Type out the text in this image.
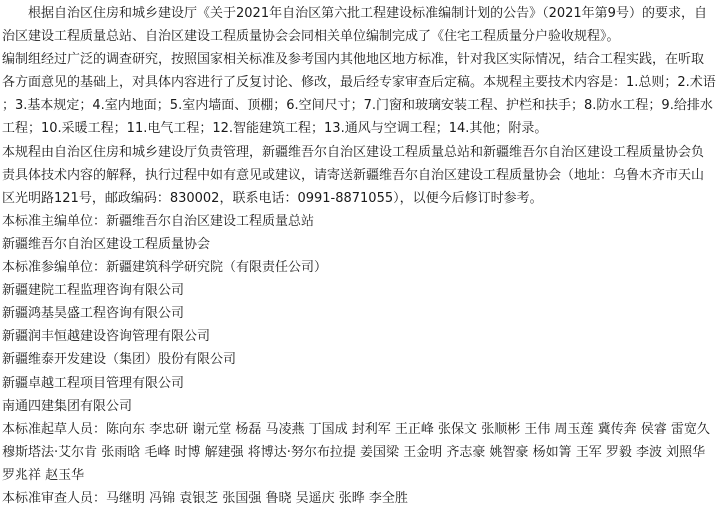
根据自治区住房和城乡建设厅《关于2021年自治区第六批工程建设标准编制计划的公告》（2021年第9号）的要求，自治区建设工程质量总站、自治区建设工程质量协会会同相关单位编制完成了《住宅工程质量分户验收规程》。

编制组经过广泛的调查研究，按照国家相关标准及参考国内其他地区地方标准，针对我区实际情况，结合工程实践，在听取各方面意见的基础上，对具体内容进行了反复讨论、修改，最后经专家审查后定稿。本规程主要技术内容是：1.总则；2.术语；3.基本规定；4.室内地面；5.室内墙面、顶棚；6.空间尺寸；7.门窗和玻璃安装工程、护栏和扶手；8.防水工程；9.给排水工程；10.采暖工程；11.电气工程；12.智能建筑工程；13.通风与空调工程；14.其他；附录。

本规程由自治区住房和城乡建设厅负责管理，新疆维吾尔自治区建设工程质量总站和新疆维吾尔自治区建设工程质量协会负责具体技术内容的解释，执行过程中如有意见或建议，请寄送新疆维吾尔自治区建设工程质量协会（地址：乌鲁木齐市天山区光明路121号，邮政编码：830002，联系电话：0991-8871055），以便今后修订时参考。

本标准主编单位：新疆维吾尔自治区建设工程质量总站

新疆维吾尔自治区建设工程质量协会

本标准参编单位：新疆建筑科学研究院（有限责任公司）

新疆建院工程监理咨询有限公司

新疆鸿基昊盛工程咨询有限公司

新疆润丰恒越建设咨询管理有限公司

新疆维泰开发建设（集团）股份有限公司

新疆卓越工程项目管理有限公司

南通四建集团有限公司

本标准起草人员：陈向东 李忠研 谢元堂 杨磊 马凌燕 丁国成 封利军 王正峰 张保文 张顺彬 王伟 周玉莲 冀传奔 侯睿 雷宽久 穆斯塔法·艾尔肯 张雨晗 毛峰 时博 解建强 将博达·努尔布拉提 姜国梁 王金明 齐志豪 姚智豪 杨如箐 王军 罗毅 李波 刘照华 罗兆祥 赵玉华

本标准审查人员：马继明 冯锦 袁银芝 张国强 鲁晓 吴遥庆 张晔 李全胜
